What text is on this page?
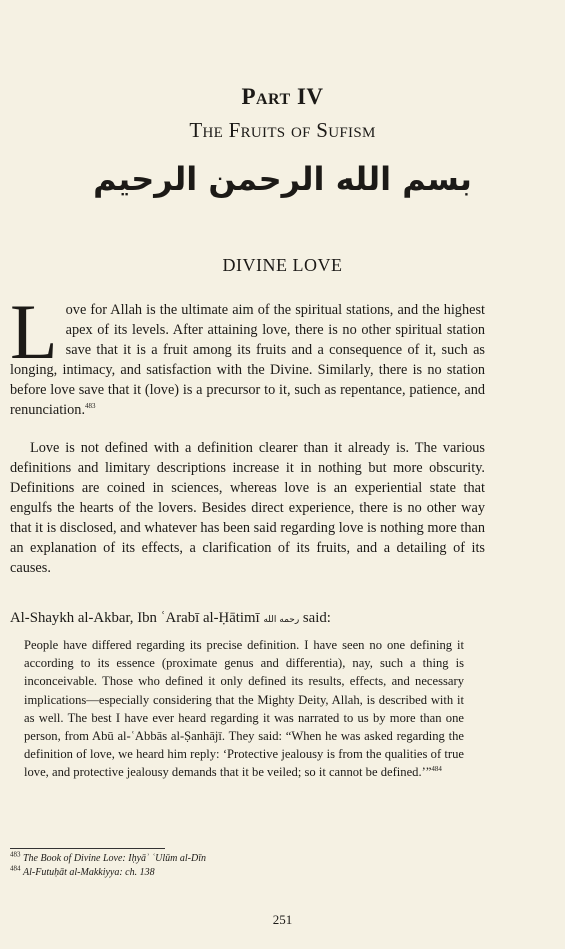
Part IV
The Fruits of Sufism
بسم الله الرحمن الرحيم
DIVINE LOVE
Love for Allah is the ultimate aim of the spiritual stations, and the highest apex of its levels. After attaining love, there is no other spiritual station save that it is a fruit among its fruits and a consequence of it, such as longing, intimacy, and satisfaction with the Divine. Similarly, there is no station before love save that it (love) is a precursor to it, such as repentance, patience, and renunciation.$^{483}$
Love is not defined with a definition clearer than it already is. The various definitions and limitary descriptions increase it in nothing but more obscurity. Definitions are coined in sciences, whereas love is an experiential state that engulfs the hearts of the lovers. Besides direct experience, there is no other way that it is disclosed, and whatever has been said regarding love is nothing more than an explanation of its effects, a clarification of its fruits, and a detailing of its causes.
Al-Shaykh al-Akbar, Ibn ʿArabī al-Ḥātimī رحمه الله said:
People have differed regarding its precise definition. I have seen no one defining it according to its essence (proximate genus and differentia), nay, such a thing is inconceivable. Those who defined it only defined its results, effects, and necessary implications—especially considering that the Mighty Deity, Allah, is described with it as well. The best I have ever heard regarding it was narrated to us by more than one person, from Abū al-ʿAbbās al-Ṣanhājī. They said: “When he was asked regarding the definition of love, we heard him reply: ‘Protective jealousy is from the qualities of true love, and protective jealousy demands that it be veiled; so it cannot be defined.’”$^{484}$
$^{483}$ The Book of Divine Love: Iḥyāʾ ʿUlūm al-Dīn
$^{484}$ Al-Futuḥāt al-Makkiyya: ch. 138
251
